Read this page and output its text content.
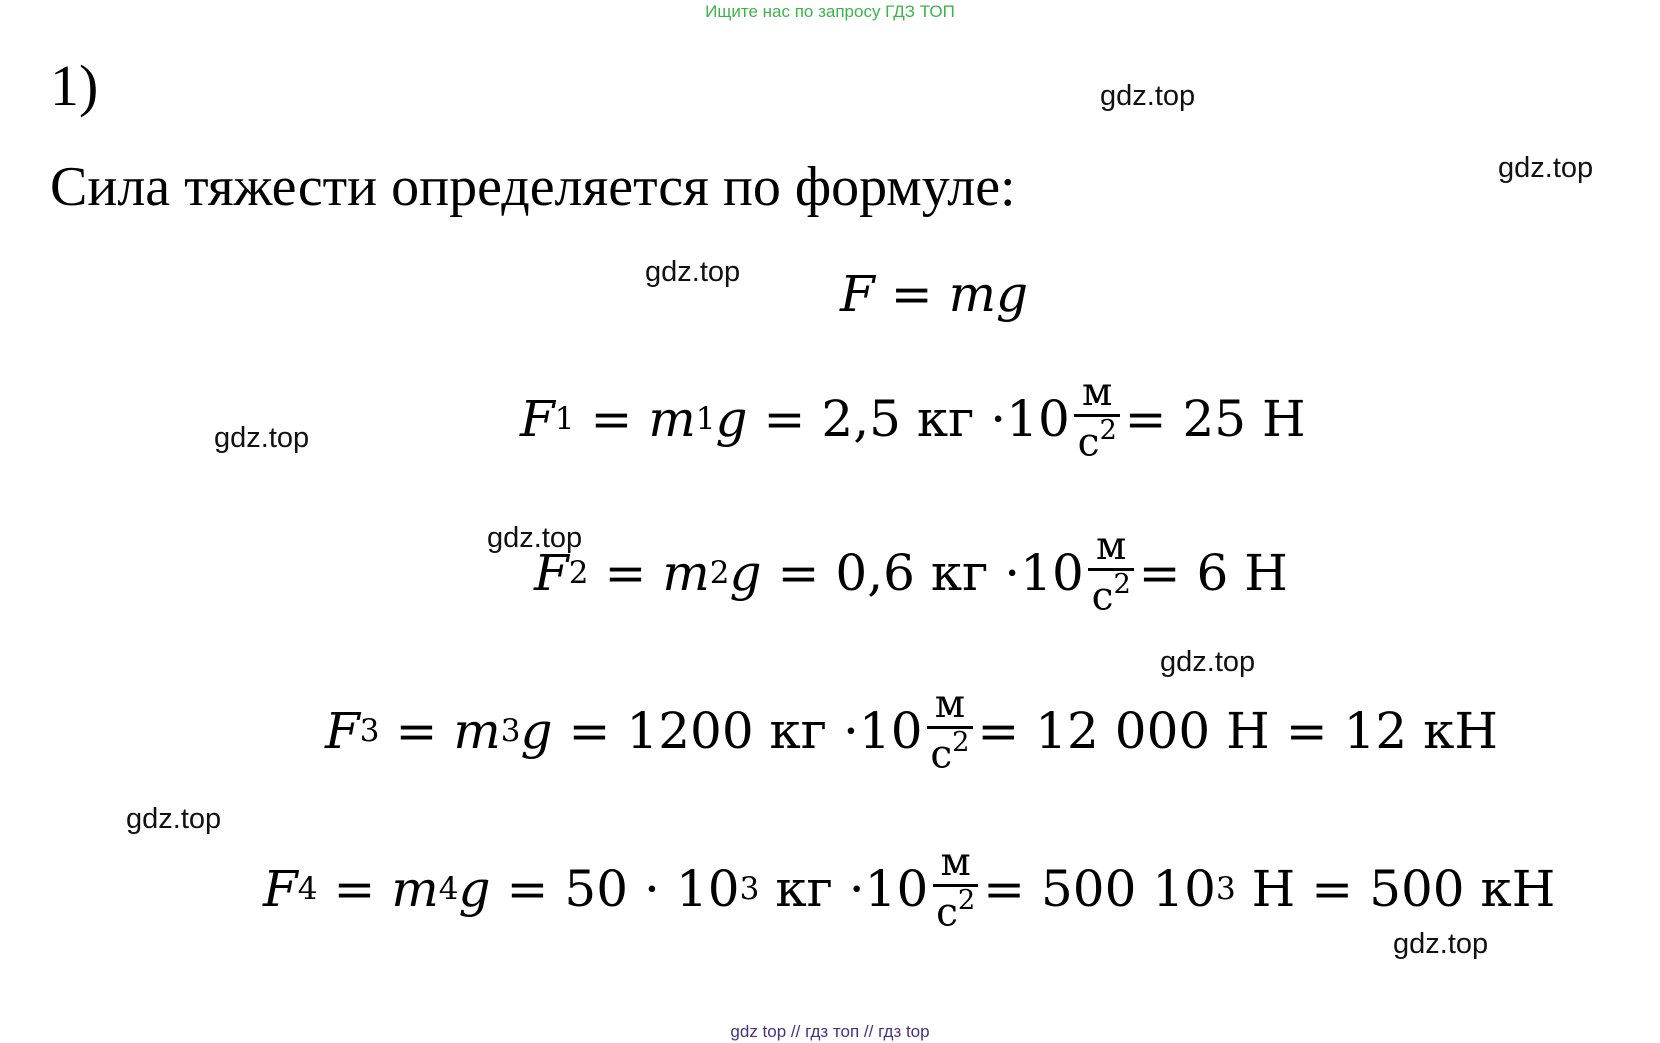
Ищите нас по запросу ГДЗ ТОП
1)
Сила тяжести определяется по формуле:
gdz.top
gdz.top
gdz.top
gdz.top
gdz.top
gdz.top
gdz.top
gdz.top
F = mg
F 1 = m 1 g = 2,5 кг · $10 \frac{м}{с^2} = 25$ Н
F 2 = m 2 g = 0,6 кг · $10 \frac{м}{с^2} = 6$ Н
F 3 = m 3 g = 1200 кг · $10 \frac{м}{с^2} = 12$ 000 Н = 12 кН
F 4 = m 4 g = 50 · 10 3 кг · $10 \frac{м}{с^2} = 500$ 10 3 Н = 500 кН
gdz top // гдз топ // гдз top
